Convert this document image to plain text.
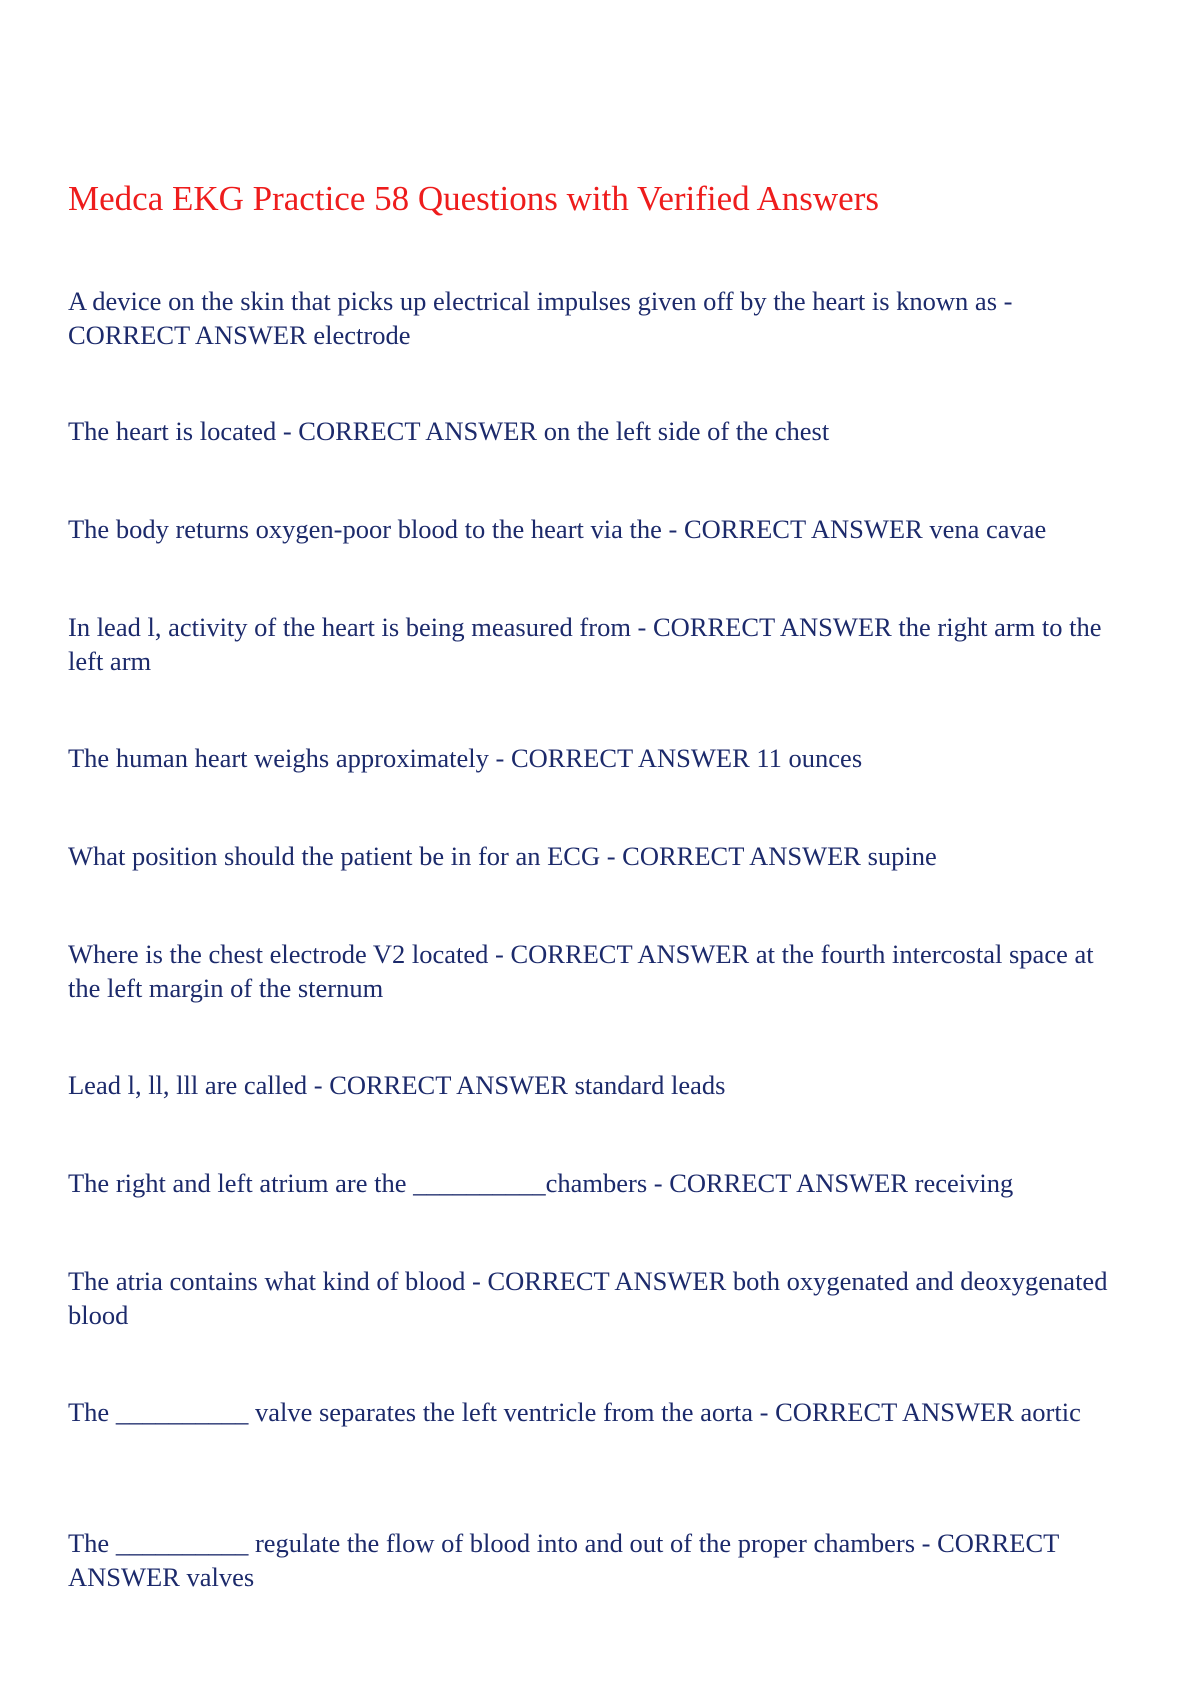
Medca EKG Practice 58 Questions with Verified Answers

A device on the skin that picks up electrical impulses given off by the heart is known as - CORRECT ANSWER electrode

The heart is located - CORRECT ANSWER on the left side of the chest

The body returns oxygen-poor blood to the heart via the - CORRECT ANSWER vena cavae

In lead l, activity of the heart is being measured from - CORRECT ANSWER the right arm to the left arm

The human heart weighs approximately - CORRECT ANSWER 11 ounces

What position should the patient be in for an ECG - CORRECT ANSWER supine

Where is the chest electrode V2 located - CORRECT ANSWER at the fourth intercostal space at the left margin of the sternum

Lead l, ll, lll are called - CORRECT ANSWER standard leads

The right and left atrium are the __________chambers - CORRECT ANSWER receiving

The atria contains what kind of blood - CORRECT ANSWER both oxygenated and deoxygenated blood

The __________ valve separates the left ventricle from the aorta - CORRECT ANSWER aortic

The __________ regulate the flow of blood into and out of the proper chambers - CORRECT ANSWER valves
